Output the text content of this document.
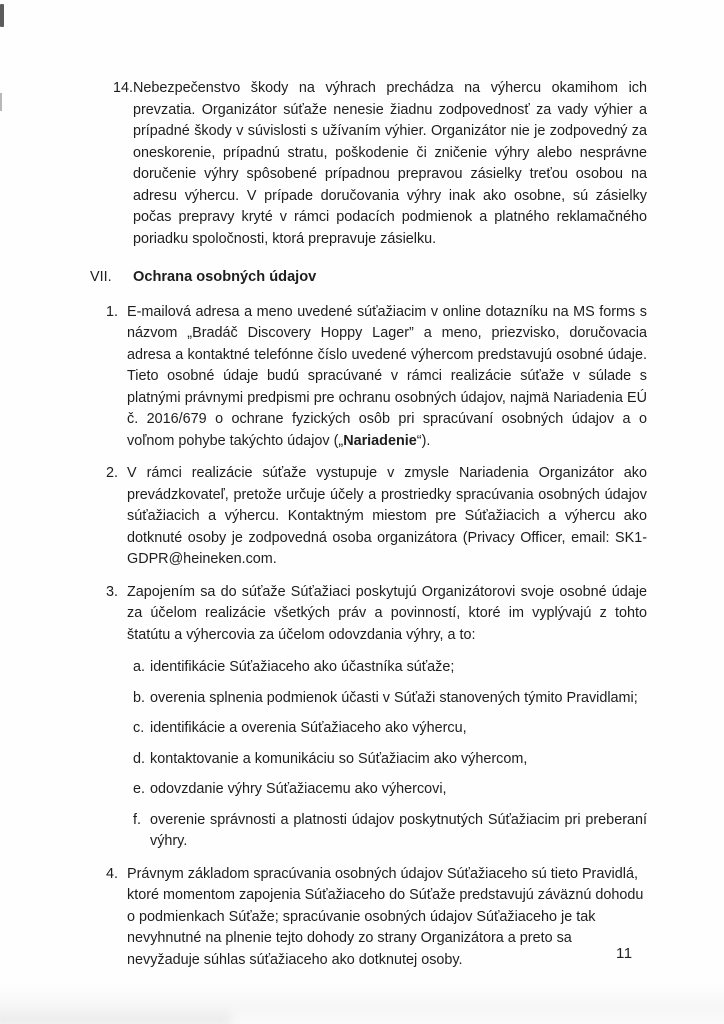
14. Nebezpečenstvo škody na výhrach prechádza na výhercu okamihom ich prevzatia. Organizátor súťaže nenesie žiadnu zodpovednosť za vady výhier a prípadné škody v súvislosti s užívaním výhier. Organizátor nie je zodpovedný za oneskorenie, prípadnú stratu, poškodenie či zničenie výhry alebo nesprávne doručenie výhry spôsobené prípadnou prepravou zásielky treťou osobou na adresu výhercu. V prípade doručovania výhry inak ako osobne, sú zásielky počas prepravy kryté v rámci podacích podmienok a platného reklamačného poriadku spoločnosti, ktorá prepravuje zásielku.
VII.	Ochrana osobných údajov
1. E-mailová adresa a meno uvedené súťažiacim v online dotazníku na MS forms s názvom „Bradáč Discovery Hoppy Lager” a meno, priezvisko, doručovacia adresa a kontaktné telefónne číslo uvedené výhercom predstavujú osobné údaje. Tieto osobné údaje budú spracúvané v rámci realizácie súťaže v súlade s platnými právnymi predpismi pre ochranu osobných údajov, najmä Nariadenia EÚ č. 2016/679 o ochrane fyzických osôb pri spracúvaní osobných údajov a o voľnom pohybe takýchto údajov („Nariadenie“).
2. V rámci realizácie súťaže vystupuje v zmysle Nariadenia Organizátor ako prevádzkovateľ, pretože určuje účely a prostriedky spracúvania osobných údajov súťažiacich a výhercu. Kontaktným miestom pre Súťažiacich a výhercu ako dotknuté osoby je zodpovedná osoba organizátora (Privacy Officer, email: SK1-GDPR@heineken.com.
3. Zapojením sa do súťaže Súťažiaci poskytujú Organizátorovi svoje osobné údaje za účelom realizácie všetkých práv a povinností, ktoré im vyplývajú z tohto štatútu a výhercovia za účelom odovzdania výhry, a to:
a. identifikácie Súťažiaceho ako účastníka súťaže;
b. overenia splnenia podmienok účasti v Súťaži stanovených týmito Pravidlami;
c. identifikácie a overenia Súťažiaceho ako výhercu,
d. kontaktovanie a komunikáciu so Súťažiacim ako výhercom,
e. odovzdanie výhry Súťažiacemu ako výhercovi,
f. overenie správnosti a platnosti údajov poskytnutých Súťažiacim pri preberaní výhry.
4. Právnym základom spracúvania osobných údajov Súťažiaceho sú tieto Pravidlá, ktoré momentom zapojenia Súťažiaceho do Súťaže predstavujú záväznú dohodu o podmienkach Súťaže; spracúvanie osobných údajov Súťažiaceho je tak nevyhnutné na plnenie tejto dohody zo strany Organizátora a preto sa nevyžaduje súhlas súťažiaceho ako dotknutej osoby.	11
